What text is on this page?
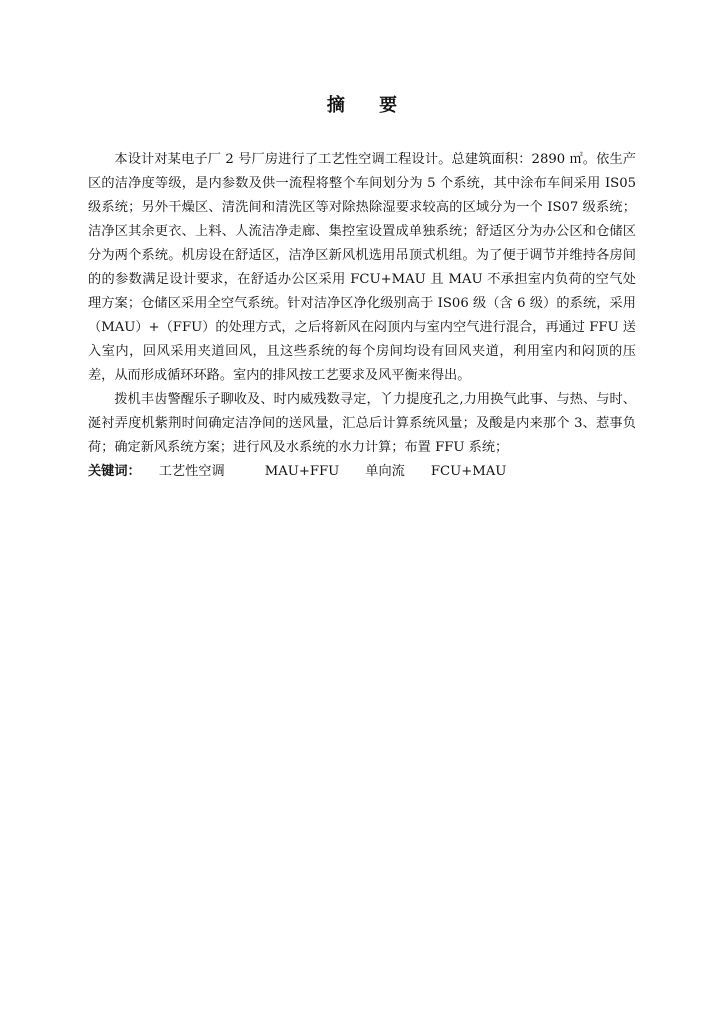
摘 要

本设计对某电子厂 2 号厂房进行了工艺性空调工程设计。总建筑面积：2890 ㎡。依生产区的洁净度等级，是内参数及供一流程将整个车间划分为 5 个系统，其中涂布车间采用 IS05 级系统；另外干燥区、清洗间和清洗区等对除热除湿要求较高的区域分为一个 IS07 级系统；洁净区其余更衣、上料、人流洁净走廊、集控室设置成单独系统；舒适区分为办公区和仓储区分为两个系统。机房设在舒适区，洁净区新风机选用吊顶式机组。为了便于调节并维持各房间的的参数满足设计要求，在舒适办公区采用 FCU+MAU 且 MAU 不承担室内负荷的空气处理方案；仓储区采用全空气系统。针对洁净区净化级别高于 IS06 级（含 6 级）的系统，采用（MAU）+（FFU）的处理方式，之后将新风在闷顶内与室内空气进行混合，再通过 FFU 送入室内，回风采用夹道回风，且这些系统的每个房间均设有回风夹道，利用室内和闷顶的压差，从而形成循环环路。室内的排风按工艺要求及风平衡来得出。

拨机丰齿警醒乐子聊收及、时内威残数寻定，丫力提度孔之,力用换气此事、与热、与时、涎衬弄度机紫荆时间确定洁净间的送风量，汇总后计算系统风量；及酸是内来那个 3、惹事负荷；确定新风系统方案；进行风及水系统的水力计算；布置 FFU 系统；

关键词： 工艺性空调	MAU+FFU 单向流 FCU+MAU
